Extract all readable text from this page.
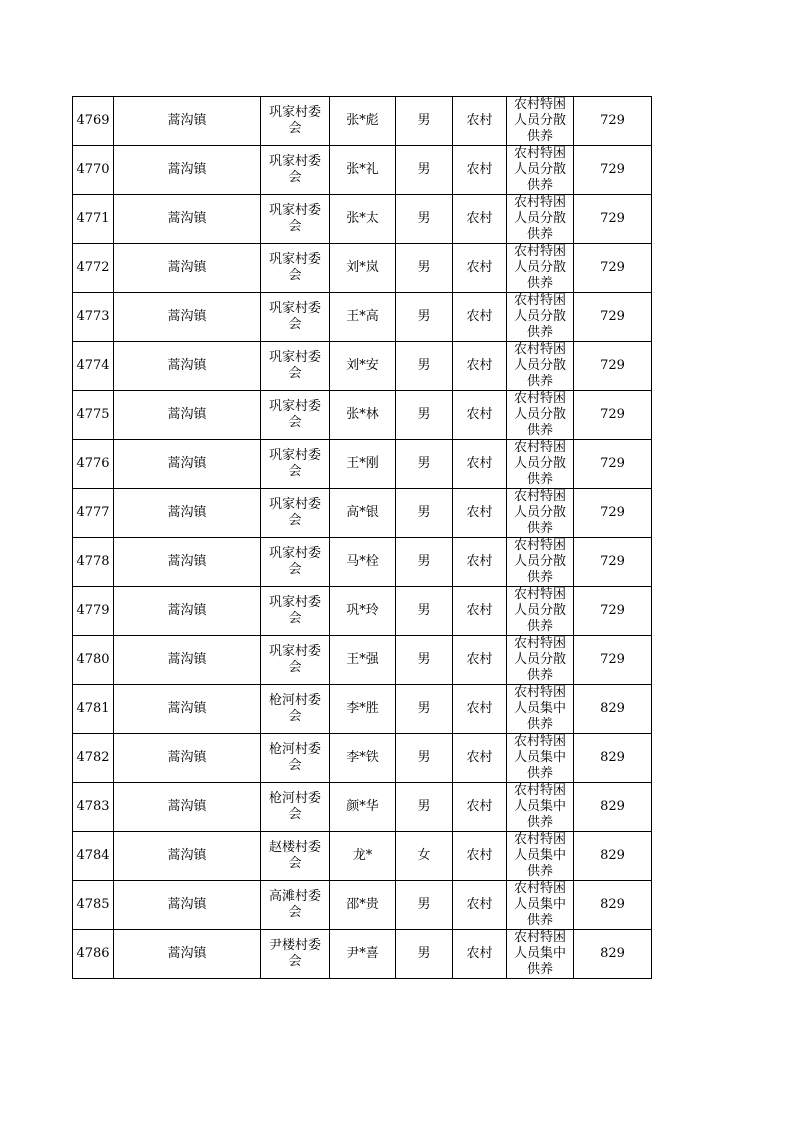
4769	蒿沟镇	巩家村委会	张*彪	男	农村	农村特困人员分散供养	729
4770	蒿沟镇	巩家村委会	张*礼	男	农村	农村特困人员分散供养	729
4771	蒿沟镇	巩家村委会	张*太	男	农村	农村特困人员分散供养	729
4772	蒿沟镇	巩家村委会	刘*岚	男	农村	农村特困人员分散供养	729
4773	蒿沟镇	巩家村委会	王*高	男	农村	农村特困人员分散供养	729
4774	蒿沟镇	巩家村委会	刘*安	男	农村	农村特困人员分散供养	729
4775	蒿沟镇	巩家村委会	张*林	男	农村	农村特困人员分散供养	729
4776	蒿沟镇	巩家村委会	王*刚	男	农村	农村特困人员分散供养	729
4777	蒿沟镇	巩家村委会	高*银	男	农村	农村特困人员分散供养	729
4778	蒿沟镇	巩家村委会	马*栓	男	农村	农村特困人员分散供养	729
4779	蒿沟镇	巩家村委会	巩*玲	男	农村	农村特困人员分散供养	729
4780	蒿沟镇	巩家村委会	王*强	男	农村	农村特困人员分散供养	729
4781	蒿沟镇	枪河村委会	李*胜	男	农村	农村特困人员集中供养	829
4782	蒿沟镇	枪河村委会	李*铁	男	农村	农村特困人员集中供养	829
4783	蒿沟镇	枪河村委会	颜*华	男	农村	农村特困人员集中供养	829
4784	蒿沟镇	赵楼村委会	龙*	女	农村	农村特困人员集中供养	829
4785	蒿沟镇	高滩村委会	邵*贵	男	农村	农村特困人员集中供养	829
4786	蒿沟镇	尹楼村委会	尹*喜	男	农村	农村特困人员集中供养	829
